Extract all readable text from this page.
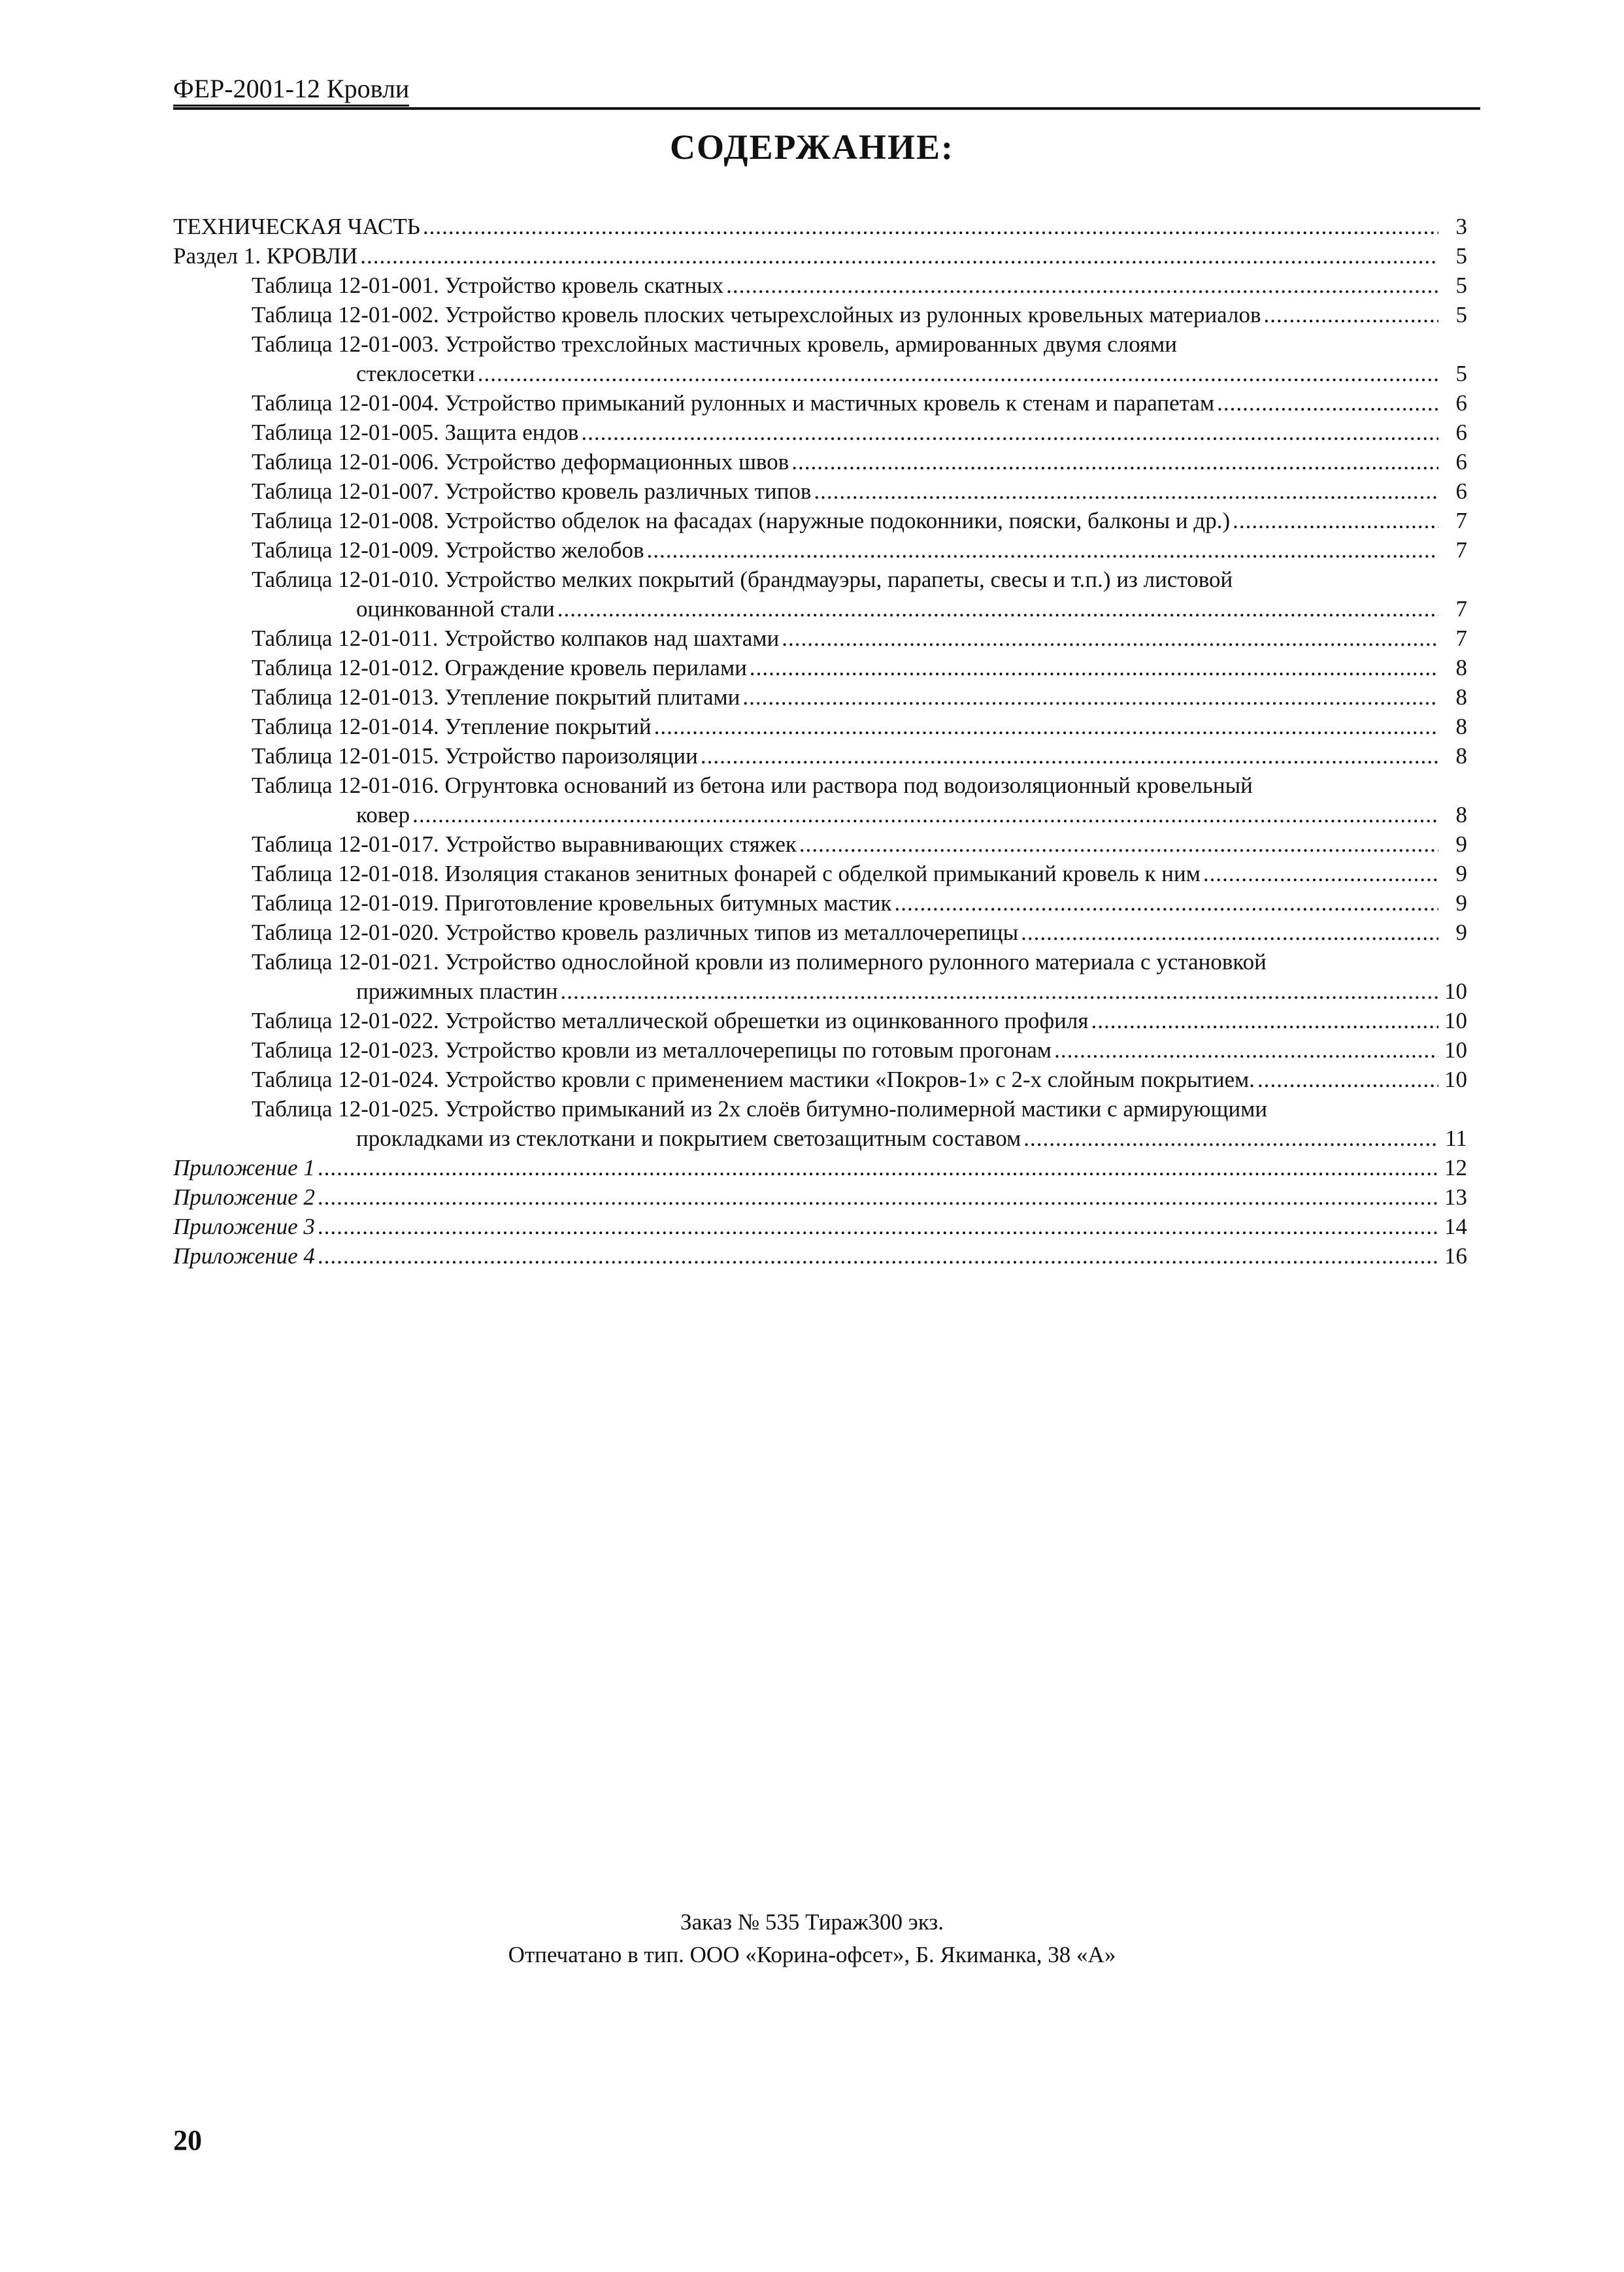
ФЕР-2001-12 Кровли
СОДЕРЖАНИЕ:
ТЕХНИЧЕСКАЯ ЧАСТЬ .....	3
Раздел 1. КРОВЛИ .....	5
Таблица 12-01-001. Устройство кровель скатных .....	5
Таблица 12-01-002. Устройство кровель плоских четырехслойных из рулонных кровельных материалов .....	5
Таблица 12-01-003. Устройство трехслойных мастичных кровель, армированных двумя слоями
стеклосетки .....	5
Таблица 12-01-004. Устройство примыканий рулонных и мастичных кровель к стенам и парапетам .....	6
Таблица 12-01-005. Защита ендов .....	6
Таблица 12-01-006. Устройство деформационных швов .....	6
Таблица 12-01-007. Устройство кровель различных типов .....	6
Таблица 12-01-008. Устройство обделок на фасадах (наружные подоконники, пояски, балконы и др.) .....	7
Таблица 12-01-009. Устройство желобов .....	7
Таблица 12-01-010. Устройство мелких покрытий (брандмауэры, парапеты, свесы и т.п.) из листовой
оцинкованной стали .....	7
Таблица 12-01-011. Устройство колпаков над шахтами .....	7
Таблица 12-01-012. Ограждение кровель перилами .....	8
Таблица 12-01-013. Утепление покрытий плитами .....	8
Таблица 12-01-014. Утепление покрытий .....	8
Таблица 12-01-015. Устройство пароизоляции .....	8
Таблица 12-01-016. Огрунтовка оснований из бетона или раствора под водоизоляционный кровельный
ковер .....	8
Таблица 12-01-017. Устройство выравнивающих стяжек .....	9
Таблица 12-01-018. Изоляция стаканов зенитных фонарей с обделкой примыканий кровель к ним .....	9
Таблица 12-01-019. Приготовление кровельных битумных мастик .....	9
Таблица 12-01-020. Устройство кровель различных типов из металлочерепицы .....	9
Таблица 12-01-021. Устройство однослойной кровли из полимерного рулонного материала с установкой
прижимных пластин .....	10
Таблица 12-01-022. Устройство металлической обрешетки из оцинкованного профиля .....	10
Таблица 12-01-023. Устройство кровли из металлочерепицы по готовым прогонам .....	10
Таблица 12-01-024. Устройство кровли с применением мастики «Покров-1» с 2-х слойным покрытием. .....	10
Таблица 12-01-025. Устройство примыканий из 2х слоёв битумно-полимерной мастики с армирующими
прокладками из стеклоткани и покрытием светозащитным составом .....	11
Приложение 1 .....	12
Приложение 2 .....	13
Приложение 3 .....	14
Приложение 4 .....	16
Заказ № 535 Тираж300 экз.
Отпечатано в тип. ООО «Корина-офсет», Б. Якиманка, 38 «А»
20
